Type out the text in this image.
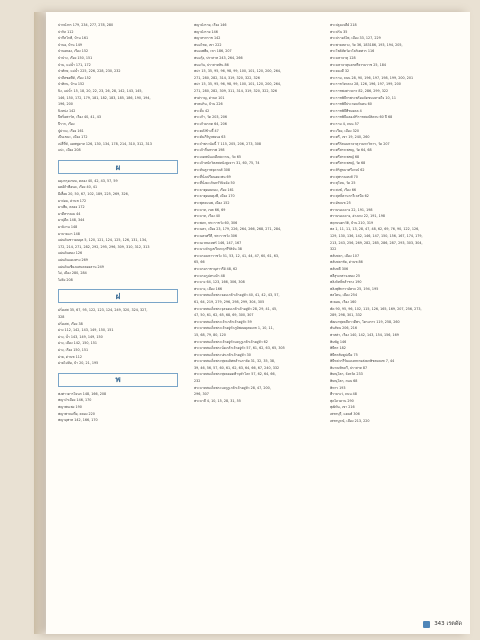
ปากมังกร 179, 234, 277, 278, 280
ปากิล 112
ปากีสโกฟ้, บ้าน 161
ป่าบอ, บ้าน 149
ป่าบอทอง, เรือง 152
ป่าป่าง, เรือง 150, 151
ป่าม, แม่น้ำ 171, 172
ป่าศักษ, แม่น้ำ 225, 226, 228, 230, 232
ปาลีสซอพีท์, เรือง 152
ป่าศิกน, บ้าน 152
ปิง, แม่น้ำ 15, 18, 20, 22, 23, 26, 28, 142, 143, 145,
146, 150, 172, 179, 181, 182, 183, 185, 186, 190, 194,
196, 200
ปิงหน่ง 142
ปีพร็อพาร์ท, เรือง 40, 41, 43
ปีราก, เรือง
ปู่ย่าจง, เรือง 161
เปีนเขมะ, เมือง 172
เปลี่ที่ห์, แดพพูดาห 126, 130, 134, 178, 214, 310, 312, 313
แปะ, เมือง 208
ผ
ผดุงกรุงเกษม, คลอง 40, 42, 43, 57, 59
ผตอ้ถ้าพีอนด, เรือง 40, 41
ผีเสื้อย 20, 50, 67, 102, 189, 225, 269, 326,
ผาจ่อม, ด่านช 172
ผาเพีย, คลอง 172
ผาดีทรรณม 44
ผามุ่ดีด 148, 344
ผามิงาน 148
ผาบายเงา 148
แผ่นดินชาวผนยุค 5, 120, 121, 124, 125, 126, 131, 134,
172, 214, 271, 282, 292, 295, 296, 309, 310, 312, 313
แผ่นดินทอง 126
แผ่นดินแดงทรง 269
แผ่นดินเชียงแสนคลองลาน 249
ไผ่, เมือง 280, 284
ไผ่ลิง 208
ฝ
ฝรั่งเศส 35, 67, 95, 122, 123, 124, 249, 320, 324, 327,
328
ฝรั่งเศส, เรือง 38
ฝาง 112, 142, 143, 149, 150, 151
ฝาง, น้ำ 143, 149, 149, 150
ฝาง, เมือง 142, 150, 151
ฝาง, เรือง 150, 151
ฝาย, ด่านช 112
ฝายไม่ห้อ, บ้า 20, 21, 195
พ
พงศาวดารโยนก 148, 166, 208
พญางำเมือง 146, 170
พญาพนเพง 190
พญาพาณเที่ย, คลอง 220
พญาอุพาท 142, 166, 170
พญามังราย, เรือง 146
พญามังราย 146
พญาหรกราช 142
พนมไชย, เขา 222
พนมเพพีย, เขา 186, 207
พนมรุ้ง, ปราสาท 243, 264, 266
พนมวัน, ปราสาทหิน 86
พม่า 15, 35, 95, 96, 98, 99, 100, 101, 120, 200, 264,
271, 280, 282, 314, 319, 320, 322, 326
พม่า 15, 35, 95, 96, 98, 99, 100, 101, 120, 200, 264,
271, 280, 282, 309, 311, 314, 319, 320, 322, 326
พรด่ราญ, ด่าบล 101
พรหมกิน, บ้าน 226
พระยั้บ 42
พระเก้า, วัด 203, 206
พระเก้วมรกต 64, 206
พระคลัง์ข้างจี้ 47
พระคัมภีร์บูรพยนง 63
พระจำพรวนัมนี้ 7 115, 205, 206, 273, 308
พระเจ้ากี่นหรรพ 198
พระเจดพนันเจดีเพดวาณ, วัด 65
พระเจ้าหนักวิตลพหนังสูงจาร 31, 60, 75, 74
พระทันตูราพจุดาดส์ 308
พระที่นั่งเปรียนอยะพน 69
พระที่นั่งยะเกินทร์วินิจฉัย 50
พระธาตุดอยกอง, เรือง 161
พระธาตุดอยตุงพี, เมือง 170
พระพุทธมนพ, เมือง 152
พระบาท, เขต 66, 69
พระบาท, เรือง 40
พระพลก, พระราชวัง 60, 306
พระนคร, เมือง 23, 179, 226, 264, 266, 268, 271, 284,
พระนครศรีที, พระราชวัง 306
พระนเวทมเหศร์ 146, 147, 167
พระนางจำดูเขวีภเทวุภรีริติจัน 38
พระบรมมหาราชวัง 51, 53, 12, 41, 44, 47, 60, 61, 63,
65, 66
พระบรมราชานุสาวรีย์ 48, 62
พระบรมรูปทรงม้า 48
พระบาง 64, 123, 166, 306, 308
พระบาง, เมือง 166
พระบาทสมเด็จพระจอมเกล้าเจ้าอยู่หัว 40, 41, 42, 43, 57,
61, 64, 219, 279, 296, 298, 299, 304, 305
พระบาทสมเด็จพระจุลจอมเกล้าเจ้าอยู่หัว 28, 29, 41, 45,
47, 50, 61, 62, 65, 68, 69, 300, 307
พระบาทสมเด็จพระเจ้าเกล้าเจ้าอยู่หัว 59
พระบาทสมเด็จพระเจ้าอยู่หัวภูมิพลอดุลยเดช 1, 10, 11,
15, 68, 79, 80, 120
พระบาทสมเด็จพระเจ้าอยู่หัวมงกุฎเกล้าเจ้าอยู่หัว 62
พระบาทสมเด็จพระนั่งเกล้าเจ้าอยู่หัว 57, 61, 62, 63, 65, 305
พระบาทสมเด็จพระปกเกล้าเจ้าอยู่หัว 30
พระบาทสมเด็จพระพุทธเลิศหล้านภาลัย 31, 32, 35, 38,
39, 46, 56, 57, 60, 61, 62, 63, 64, 66, 67, 240, 332
พระบาทสมเด็จพระพุทธยอดฟ้าจุฬาโลก 57, 62, 64, 66,
232
พระบาทสมเด็จพระมงกุฎเกล้าเจ้าอยู่หัว 28, 47, 200,
296, 307
พระบาลี 4, 10, 15, 28, 31, 55
พระปฐมเจดีย์ 218
พระปรัน 35
พระปรางค์ไพ, เมือง 33, 127, 229
พระพายหลวง, วัด 36, 183186, 193, 194, 205,
พระโพธิสัตว์อวโลกิเตศวร 116
พระมหาธาตุ 128
พระมหาธาตุนครศรีธรรมราช 25, 184
พระยมงดี 32
พระราม, ถนน 28, 90, 196, 197, 198, 199, 200, 201
พระราชวังหลวง 28, 126, 196, 197, 199, 200
พระราชพงศาวดาร 82, 286, 299, 322
พระราชพิธีกรพระพร้อมจัดขนบหายใจ 10, 11
พระราชพิธีประกอบกับคน 60
พระราชพิธีพืชมงคล 4
พระราชพิธีฉลองสิริราชสมบัติครบ 60 ปี 68
พระราม 4, ถนน 57
พระเวียง, เมือง 320
พระศรี, เขา 19, 240, 260
พระศรีรัตนมหาธาตุวรมหาวิหาร, วัด 207
พระศรีสรรเพชญ, วัด 64, 68
พระศรีสรรเพชญ์ 68
พระศรีสรรเพชญ์, วัด 68
พระสิริสูขมาศรีเกจบ์ 62
พระสุพรรณหงส์ 70
พระสุโหม, วัด 25
พระสงฆ์, เรือง 66
พระสุทธิ์คานากวีเวสนีจ 62
พระอัขณช 25
พรานรองเจาง 22, 191, 198
พรานรองเจาง, อ่างเกง 22, 191, 198
พฤกษนครวัติ, บ้าน 210, 319
พล 1, 11, 11, 13, 28, 47, 48, 62, 69, 76, 90, 122, 126,
129, 130, 136, 142, 146, 147, 150, 156, 167, 174, 179,
213, 243, 256, 269, 282, 285, 286, 287, 293, 303, 304,
322
พลับพลา, เมือง 107
พลับพลาชัย, ด่านช 86
พลับพลี 306
พลีสุรเกศาจงทอง 25
พลิงจิทธิ์หล้าชาง 190
พลิงพุพิทาราอัตรจ 25, 194, 195
พลโตน, เมือง 254
พะยอม, เรือง 160
พัด 90, 95, 96, 102, 115, 126, 165, 169, 207, 256, 273,
289, 298, 301, 332
พัฒนาพุทธลีลาวดีพร, โครงการ 119, 258, 260
พันสัทน 206, 216
พาสต่า, เรือง 140, 142, 143, 154, 156, 169
พิมพ์ดู 146
พิษีตร 182
พิษีตรลัษคูปเนีย 75
พิษีหล่วกรีรัยแดงทหายส่งยกพิชตมณฑ 7, 44
พิมาณพิขลวี, ปราสาท 87
พิษณุโลก, จังหวัด 233
พิษณุโลก, ถนน 68
พิหาร 193
พีรามรเว่, ถนน 48
พุดไลวดาน 290
พุฒิทัน, เขา 216
เพชรบุรี, แคมพ์ 306
เพชรบูรณ์, เมือง 213, 220
343 เรตดัด
